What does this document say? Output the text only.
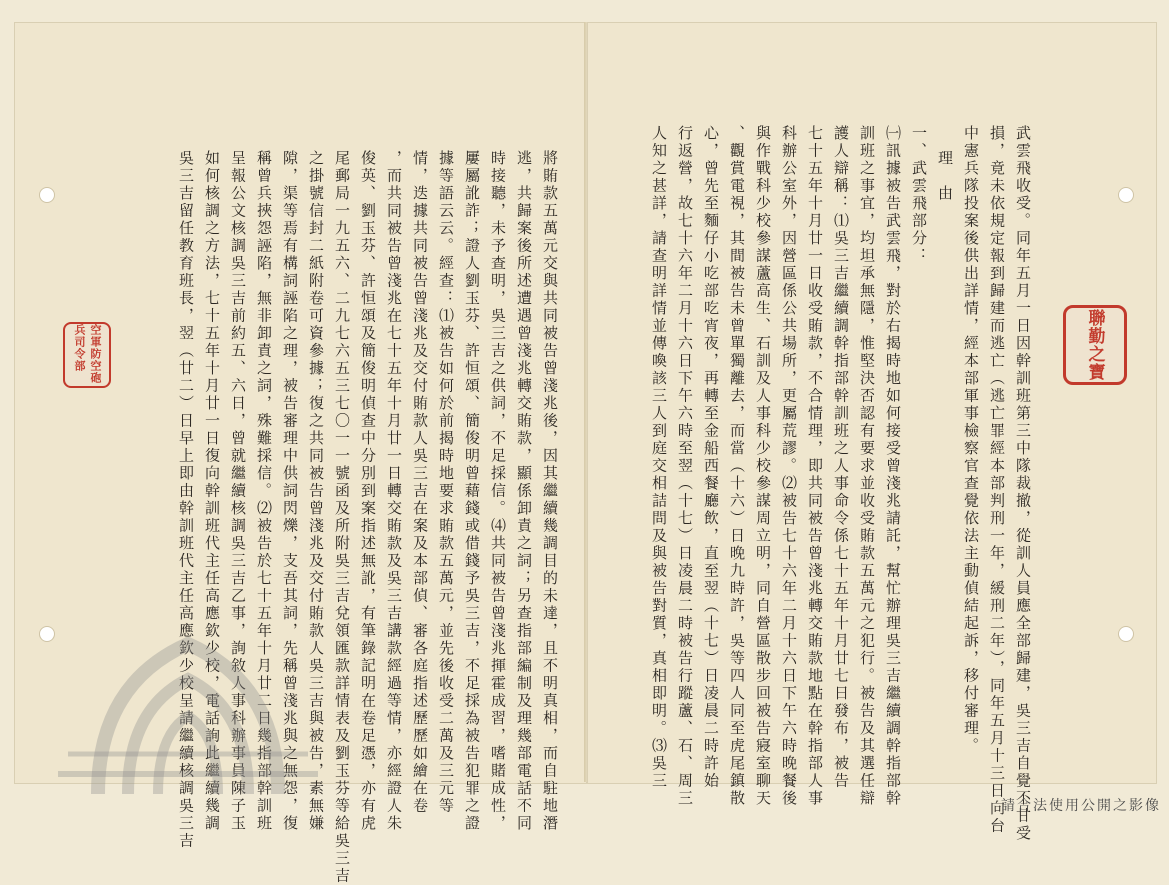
武雲飛收受。同年五月一日因幹訓班第三中隊裁撤，從訓人員應全部歸建，吳三吉自覺不甘受
損，竟未依規定報到歸建而逃亡（逃亡罪經本部判刑一年，緩刑二年），同年五月十三日向台
中憲兵隊投案後供出詳情，經本部軍事檢察官查覺依法主動偵結起訴，移付審理。
理　由
一、武雲飛部分：
㈠訊據被告武雲飛，對於右揭時地如何接受曾淺兆請託，幫忙辦理吳三吉繼續調幹指部幹
訓班之事宜，均坦承無隱，惟堅決否認有要求並收受賄款五萬元之犯行。被告及其選任辯
護人辯稱：⑴吳三吉繼續調幹指部幹訓班之人事命令係七十五年十月廿七日發布，被告
七十五年十月廿一日收受賄款，不合情理，即共同被告曾淺兆轉交賄款地點在幹指部人事
科辦公室外，因營區係公共場所，更屬荒謬。⑵被告七十六年二月十六日下午六時晚餐後
與作戰科少校參謀蘆高生、石訓及人事科少校參謀周立明，同自營區散步回被告寢室聊天
、觀賞電視，其間被告未曾單獨離去，而當（十六）日晚九時許，吳等四人同至虎尾鎮散
心，曾先至麵仔小吃部吃宵夜，再轉至金船西餐廳飲，直至翌（十七）日凌晨二時許始
行返營，故七十六年二月十六日下午六時至翌（十七）日凌晨二時被告行蹤蘆、石、周三
人知之甚詳，請查明詳情並傳喚該三人到庭交相詰問及與被告對質，真相即明。⑶吳三
將賄款五萬元交與共同被告曾淺兆後，因其繼續幾調目的未達，且不明真相，而自駐地潛
逃，共歸案後所述遭遇曾淺兆轉交賄款，顯係卸責之詞；另查指部編制及理幾部電話不同
時接聽，未予查明，吳三吉之供詞，不足採信。⑷共同被告曾淺兆揮霍成習，嗜賭成性，
屢屬訛詐；證人劉玉芬、許恒頌、簡俊明曾藉錢或借錢予吳三吉，不足採為被告犯罪之證
據等語云云。經查：⑴被告如何於前揭時地要求賄款五萬元，並先後收受二萬及三元等
情，迭據共同被告曾淺兆及交付賄款人吳三吉在案及本部偵、審各庭指述歷歷如繪在卷
，而共同被告曾淺兆在七十五年十月廿一日轉交賄款及吳三吉講款經過等情，亦經證人朱
俊英、劉玉芬、許恒頌及簡俊明偵查中分別到案指述無訛，有筆錄記明在卷足憑，亦有虎
尾郵局一九五六、二九七六五三七〇一一號函及所附吳三吉兌領匯款詳情表及劉玉芬等給吳三吉
之掛號信封二紙附卷可資參據；復之共同被告曾淺兆及交付賄款人吳三吉與被告，素無嫌
隙，渠等焉有構詞誣陷之理，被告審理中供詞閃爍，支吾其詞，先稱曾淺兆與之無怨，復
稱曾兵挾怨誣陷，無非卸責之詞，殊難採信。⑵被告於七十五年十月廿二日幾指部幹訓班
呈報公文核調吳三吉前約五、六日，曾就繼續核調吳三吉乙事，詢敘人事科辦事員陳子玉
如何核調之方法，七十五年十月廿一日復向幹訓班代主任高應欽少校，電話詢此繼續幾調
吳三吉留任教育班長，翌（廿二）日早上即由幹訓班代主任高應欽少校呈請繼續核調吳三吉	聯勤之寶
空軍防空砲兵司令部
請合法使用公開之影像
